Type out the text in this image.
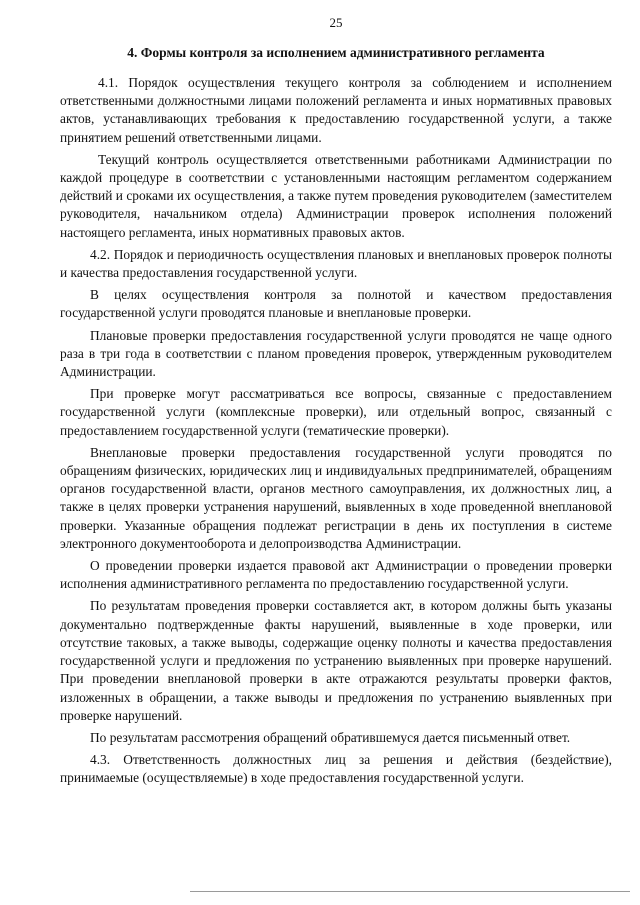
25
4. Формы контроля за исполнением административного регламента

4.1. Порядок осуществления текущего контроля за соблюдением и исполнением ответственными должностными лицами положений регламента и иных нормативных правовых актов, устанавливающих требования к предоставлению государственной услуги, а также принятием решений ответственными лицами.

Текущий контроль осуществляется ответственными работниками Администрации по каждой процедуре в соответствии с установленными настоящим регламентом содержанием действий и сроками их осуществления, а также путем проведения руководителем (заместителем руководителя, начальником отдела) Администрации проверок исполнения положений настоящего регламента, иных нормативных правовых актов.

4.2. Порядок и периодичность осуществления плановых и внеплановых проверок полноты и качества предоставления государственной услуги.

В целях осуществления контроля за полнотой и качеством предоставления государственной услуги проводятся плановые и внеплановые проверки.

Плановые проверки предоставления государственной услуги проводятся не чаще одного раза в три года в соответствии с планом проведения проверок, утвержденным руководителем Администрации.

При проверке могут рассматриваться все вопросы, связанные с предоставлением государственной услуги (комплексные проверки), или отдельный вопрос, связанный с предоставлением государственной услуги (тематические проверки).

Внеплановые проверки предоставления государственной услуги проводятся по обращениям физических, юридических лиц и индивидуальных предпринимателей, обращениям органов государственной власти, органов местного самоуправления, их должностных лиц, а также в целях проверки устранения нарушений, выявленных в ходе проведенной внеплановой проверки. Указанные обращения подлежат регистрации в день их поступления в системе электронного документооборота и делопроизводства Администрации.

О проведении проверки издается правовой акт Администрации о проведении проверки исполнения административного регламента по предоставлению государственной услуги.

По результатам проведения проверки составляется акт, в котором должны быть указаны документально подтвержденные факты нарушений, выявленные в ходе проверки, или отсутствие таковых, а также выводы, содержащие оценку полноты и качества предоставления государственной услуги и предложения по устранению выявленных при проверке нарушений. При проведении внеплановой проверки в акте отражаются результаты проверки фактов, изложенных в обращении, а также выводы и предложения по устранению выявленных при проверке нарушений.

По результатам рассмотрения обращений обратившемуся дается письменный ответ.

4.3. Ответственность должностных лиц за решения и действия (бездействие), принимаемые (осуществляемые) в ходе предоставления государственной услуги.
